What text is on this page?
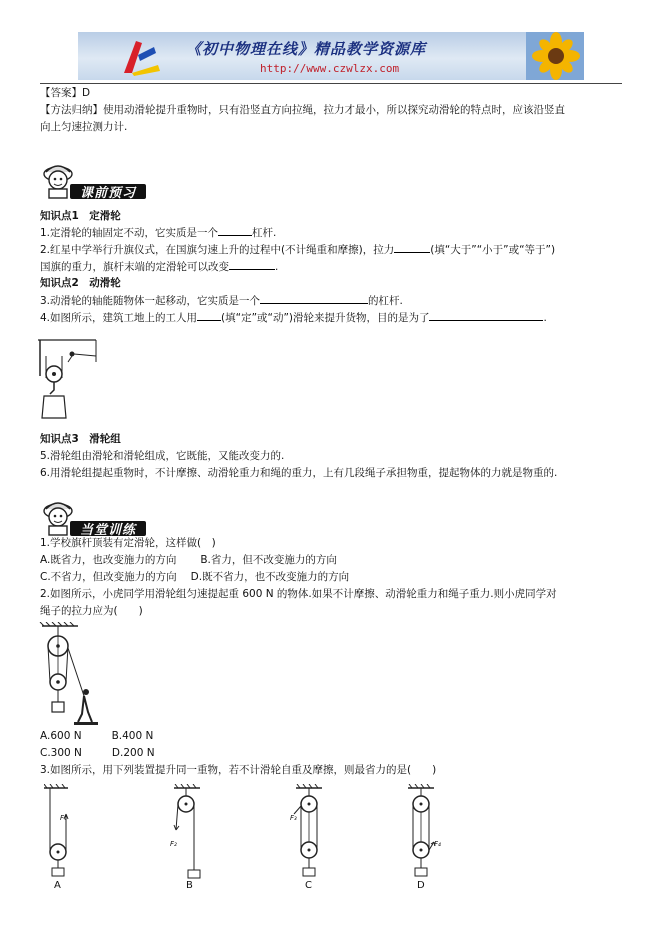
《初中物理在线》精品教学资源库
http://www.czwlzx.com
【答案】D
【方法归纳】使用动滑轮提升重物时，只有沿竖直方向拉绳，拉力才最小，所以探究动滑轮的特点时，应该沿竖直
向上匀速拉测力计.
课前预习
知识点1　定滑轮
1.定滑轮的轴固定不动，它实质是一个	杠杆.
2.红星中学举行升旗仪式，在国旗匀速上升的过程中(不计绳重和摩擦)，拉力	(填“大于”“小于”或“等于”)
国旗的重力，旗杆末端的定滑轮可以改变	.
知识点2　动滑轮
3.动滑轮的轴能随物体一起移动，它实质是一个	的杠杆.
4.如图所示，建筑工地上的工人用 (填“定”或“动”)滑轮来提升货物，目的是为了	.
知识点3　滑轮组
5.滑轮组由滑轮和滑轮组成，它既能，又能改变力的.
6.用滑轮组提起重物时，不计摩擦、动滑轮重力和绳的重力，上有几段绳子承担物重，提起物体的力就是物重的.
当堂训练
1.学校旗杆顶装有定滑轮，这样做(　)
A.既省力，也改变施力的方向 B.省力，但不改变施力的方向
C.不省力，但改变施力的方向 D.既不省力，也不改变施力的方向
2.如图所示，小虎同学用滑轮组匀速提起重 600 N 的物体.如果不计摩擦、动滑轮重力和绳子重力.则小虎同学对
绳子的拉力应为(　　)
A.600 N	B.400 N
C.300 N	D.200 N
3.如图所示，用下列装置提升同一重物，若不计滑轮自重及摩擦，则最省力的是(　　)
F₁
A
F₂
B
F₃
C
F₄
D
